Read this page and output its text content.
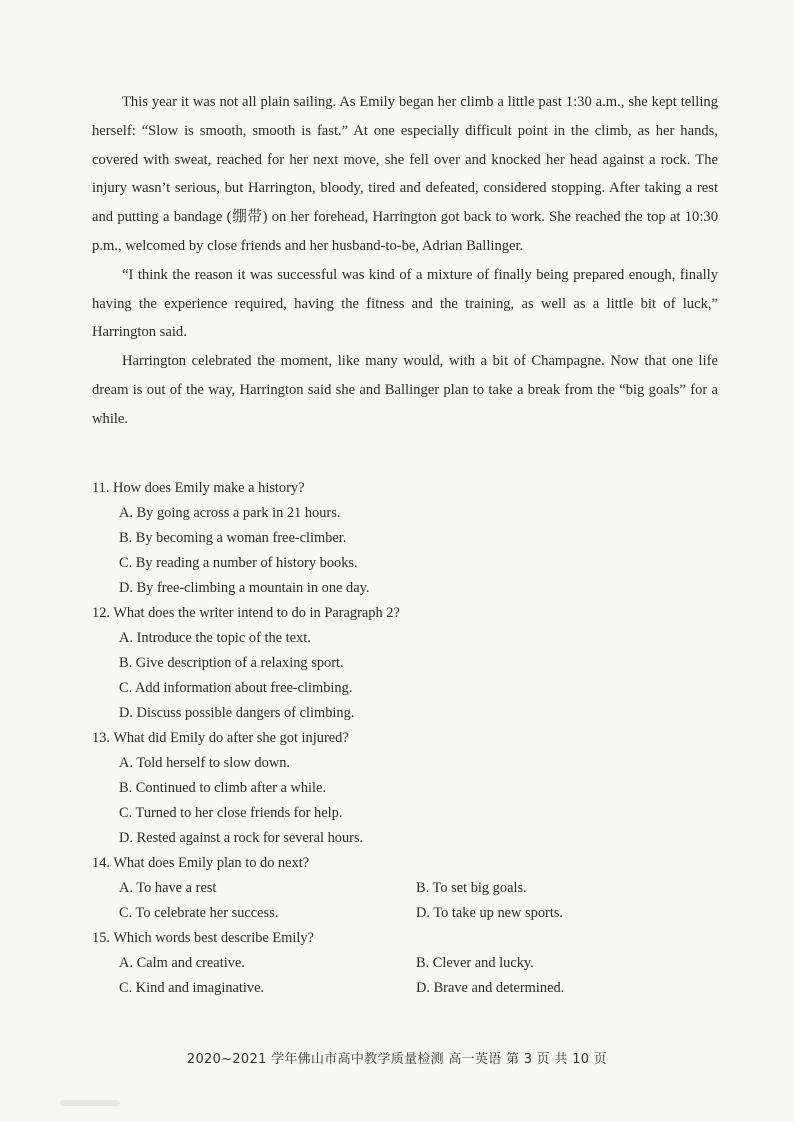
This year it was not all plain sailing. As Emily began her climb a little past 1:30 a.m., she kept telling herself: “Slow is smooth, smooth is fast.” At one especially difficult point in the climb, as her hands, covered with sweat, reached for her next move, she fell over and knocked her head against a rock. The injury wasn’t serious, but Harrington, bloody, tired and defeated, considered stopping. After taking a rest and putting a bandage (绷带) on her forehead, Harrington got back to work. She reached the top at 10:30 p.m., welcomed by close friends and her husband-to-be, Adrian Ballinger.

“I think the reason it was successful was kind of a mixture of finally being prepared enough, finally having the experience required, having the fitness and the training, as well as a little bit of luck,” Harrington said.

Harrington celebrated the moment, like many would, with a bit of Champagne. Now that one life dream is out of the way, Harrington said she and Ballinger plan to take a break from the “big goals” for a while.

11. How does Emily make a history?

A. By going across a park in 21 hours.

B. By becoming a woman free-climber.

C. By reading a number of history books.

D. By free-climbing a mountain in one day.

12. What does the writer intend to do in Paragraph 2?

A. Introduce the topic of the text.

B. Give description of a relaxing sport.

C. Add information about free-climbing.

D. Discuss possible dangers of climbing.

13. What did Emily do after she got injured?

A. Told herself to slow down.

B. Continued to climb after a while.

C. Turned to her close friends for help.

D. Rested against a rock for several hours.

14. What does Emily plan to do next?

A. To have a rest	B. To set big goals.

C. To celebrate her success.	D. To take up new sports.

15. Which words best describe Emily?

A. Calm and creative.	B. Clever and lucky.

C. Kind and imaginative.	D. Brave and determined.

2020~2021 学年佛山市高中教学质量检测 高一英语 第 3 页 共 10 页
